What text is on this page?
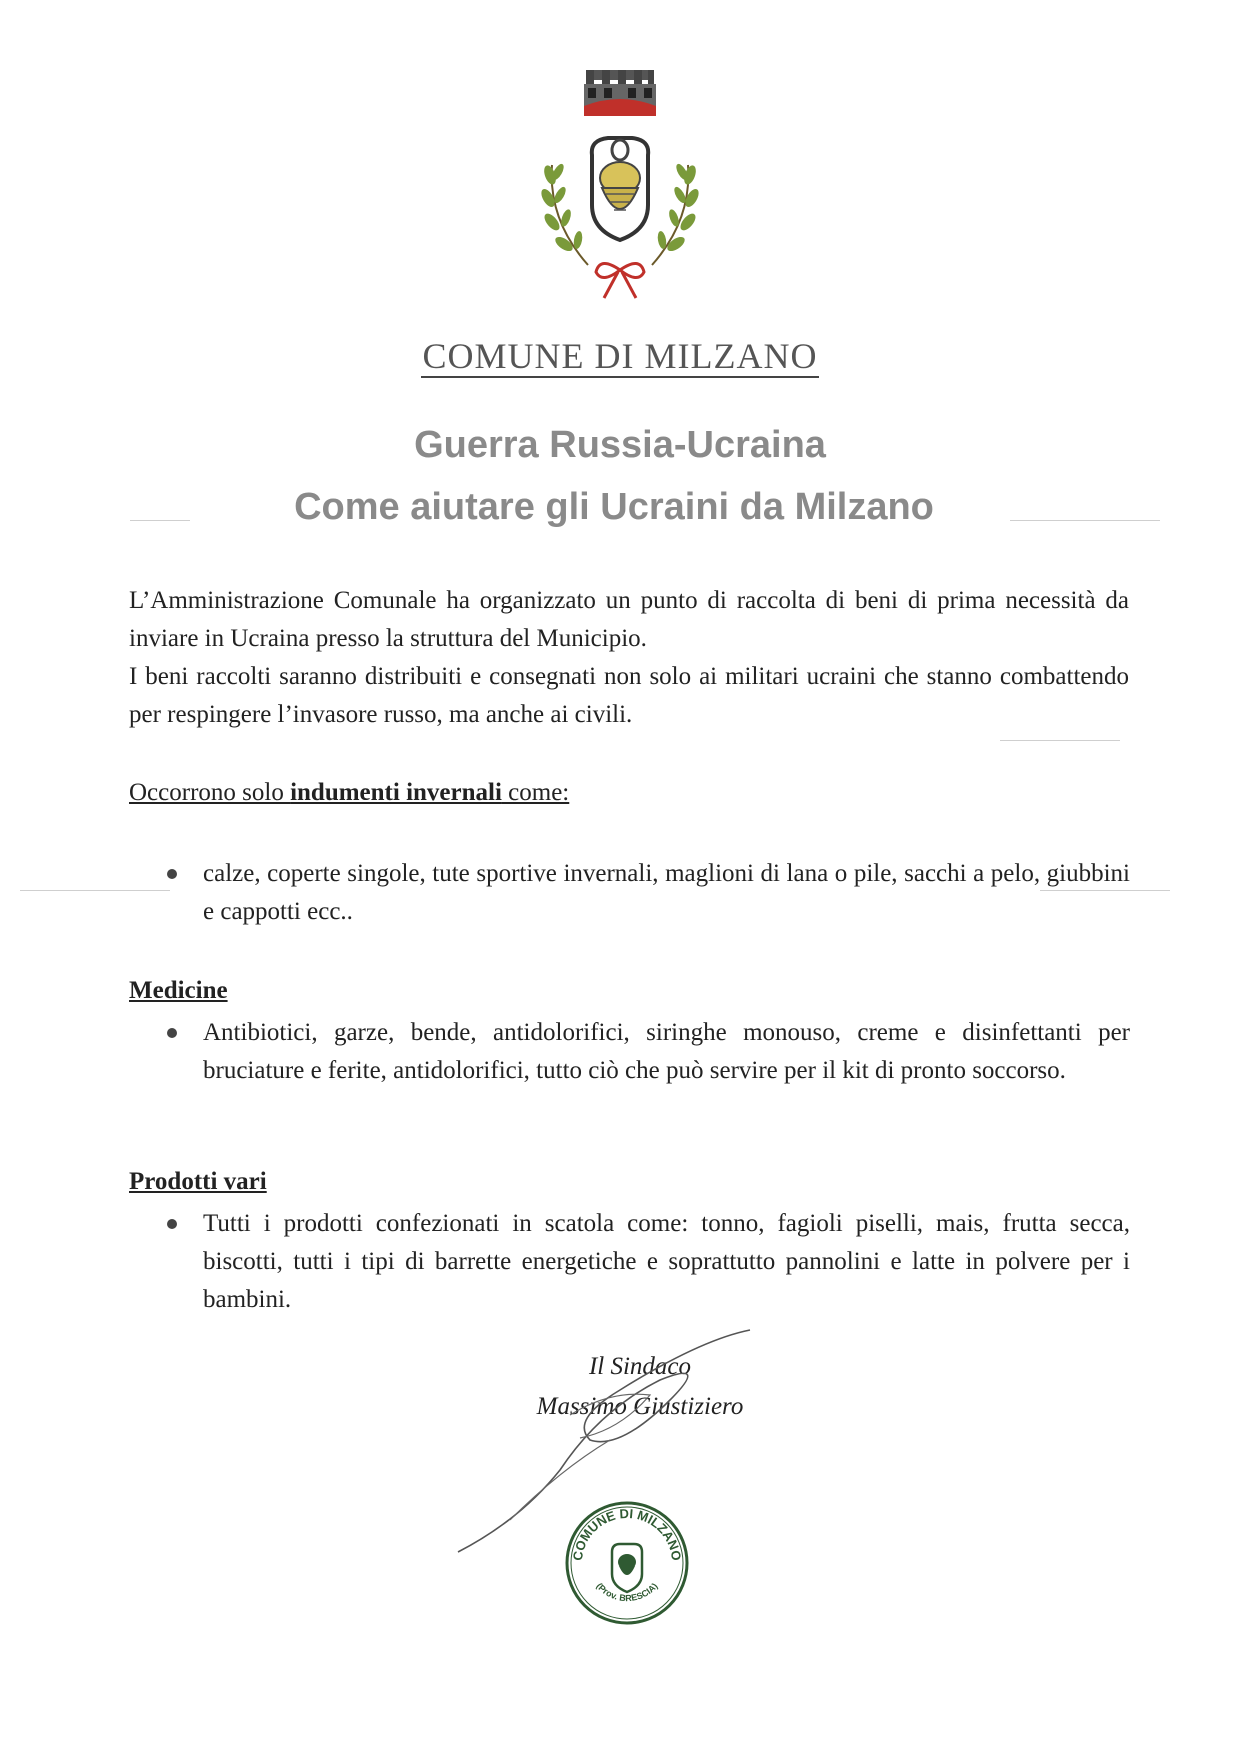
COMUNE DI MILZANO
Guerra Russia-Ucraina
Come aiutare gli Ucraini da Milzano
L’Amministrazione Comunale ha organizzato un punto di raccolta di beni di prima necessità da inviare in Ucraina presso la struttura del Municipio.
I beni raccolti saranno distribuiti e consegnati non solo ai militari ucraini che stanno combattendo per respingere l’invasore russo, ma anche ai civili.
Occorrono solo indumenti invernali come:
calze, coperte singole, tute sportive invernali, maglioni di lana o pile, sacchi a pelo, giubbini e cappotti ecc..
Medicine
Antibiotici, garze, bende, antidolorifici, siringhe monouso, creme e disinfettanti per bruciature e ferite, antidolorifici, tutto ciò che può servire per il kit di pronto soccorso.
Prodotti vari
Tutti i prodotti confezionati in scatola come: tonno, fagioli piselli, mais, frutta secca, biscotti, tutti i tipi di barrette energetiche e soprattutto pannolini e latte in polvere per i bambini.
Il Sindaco
Massimo Giustiziero
COMUNE DI MILZANO
(Prov. BRESCIA)
